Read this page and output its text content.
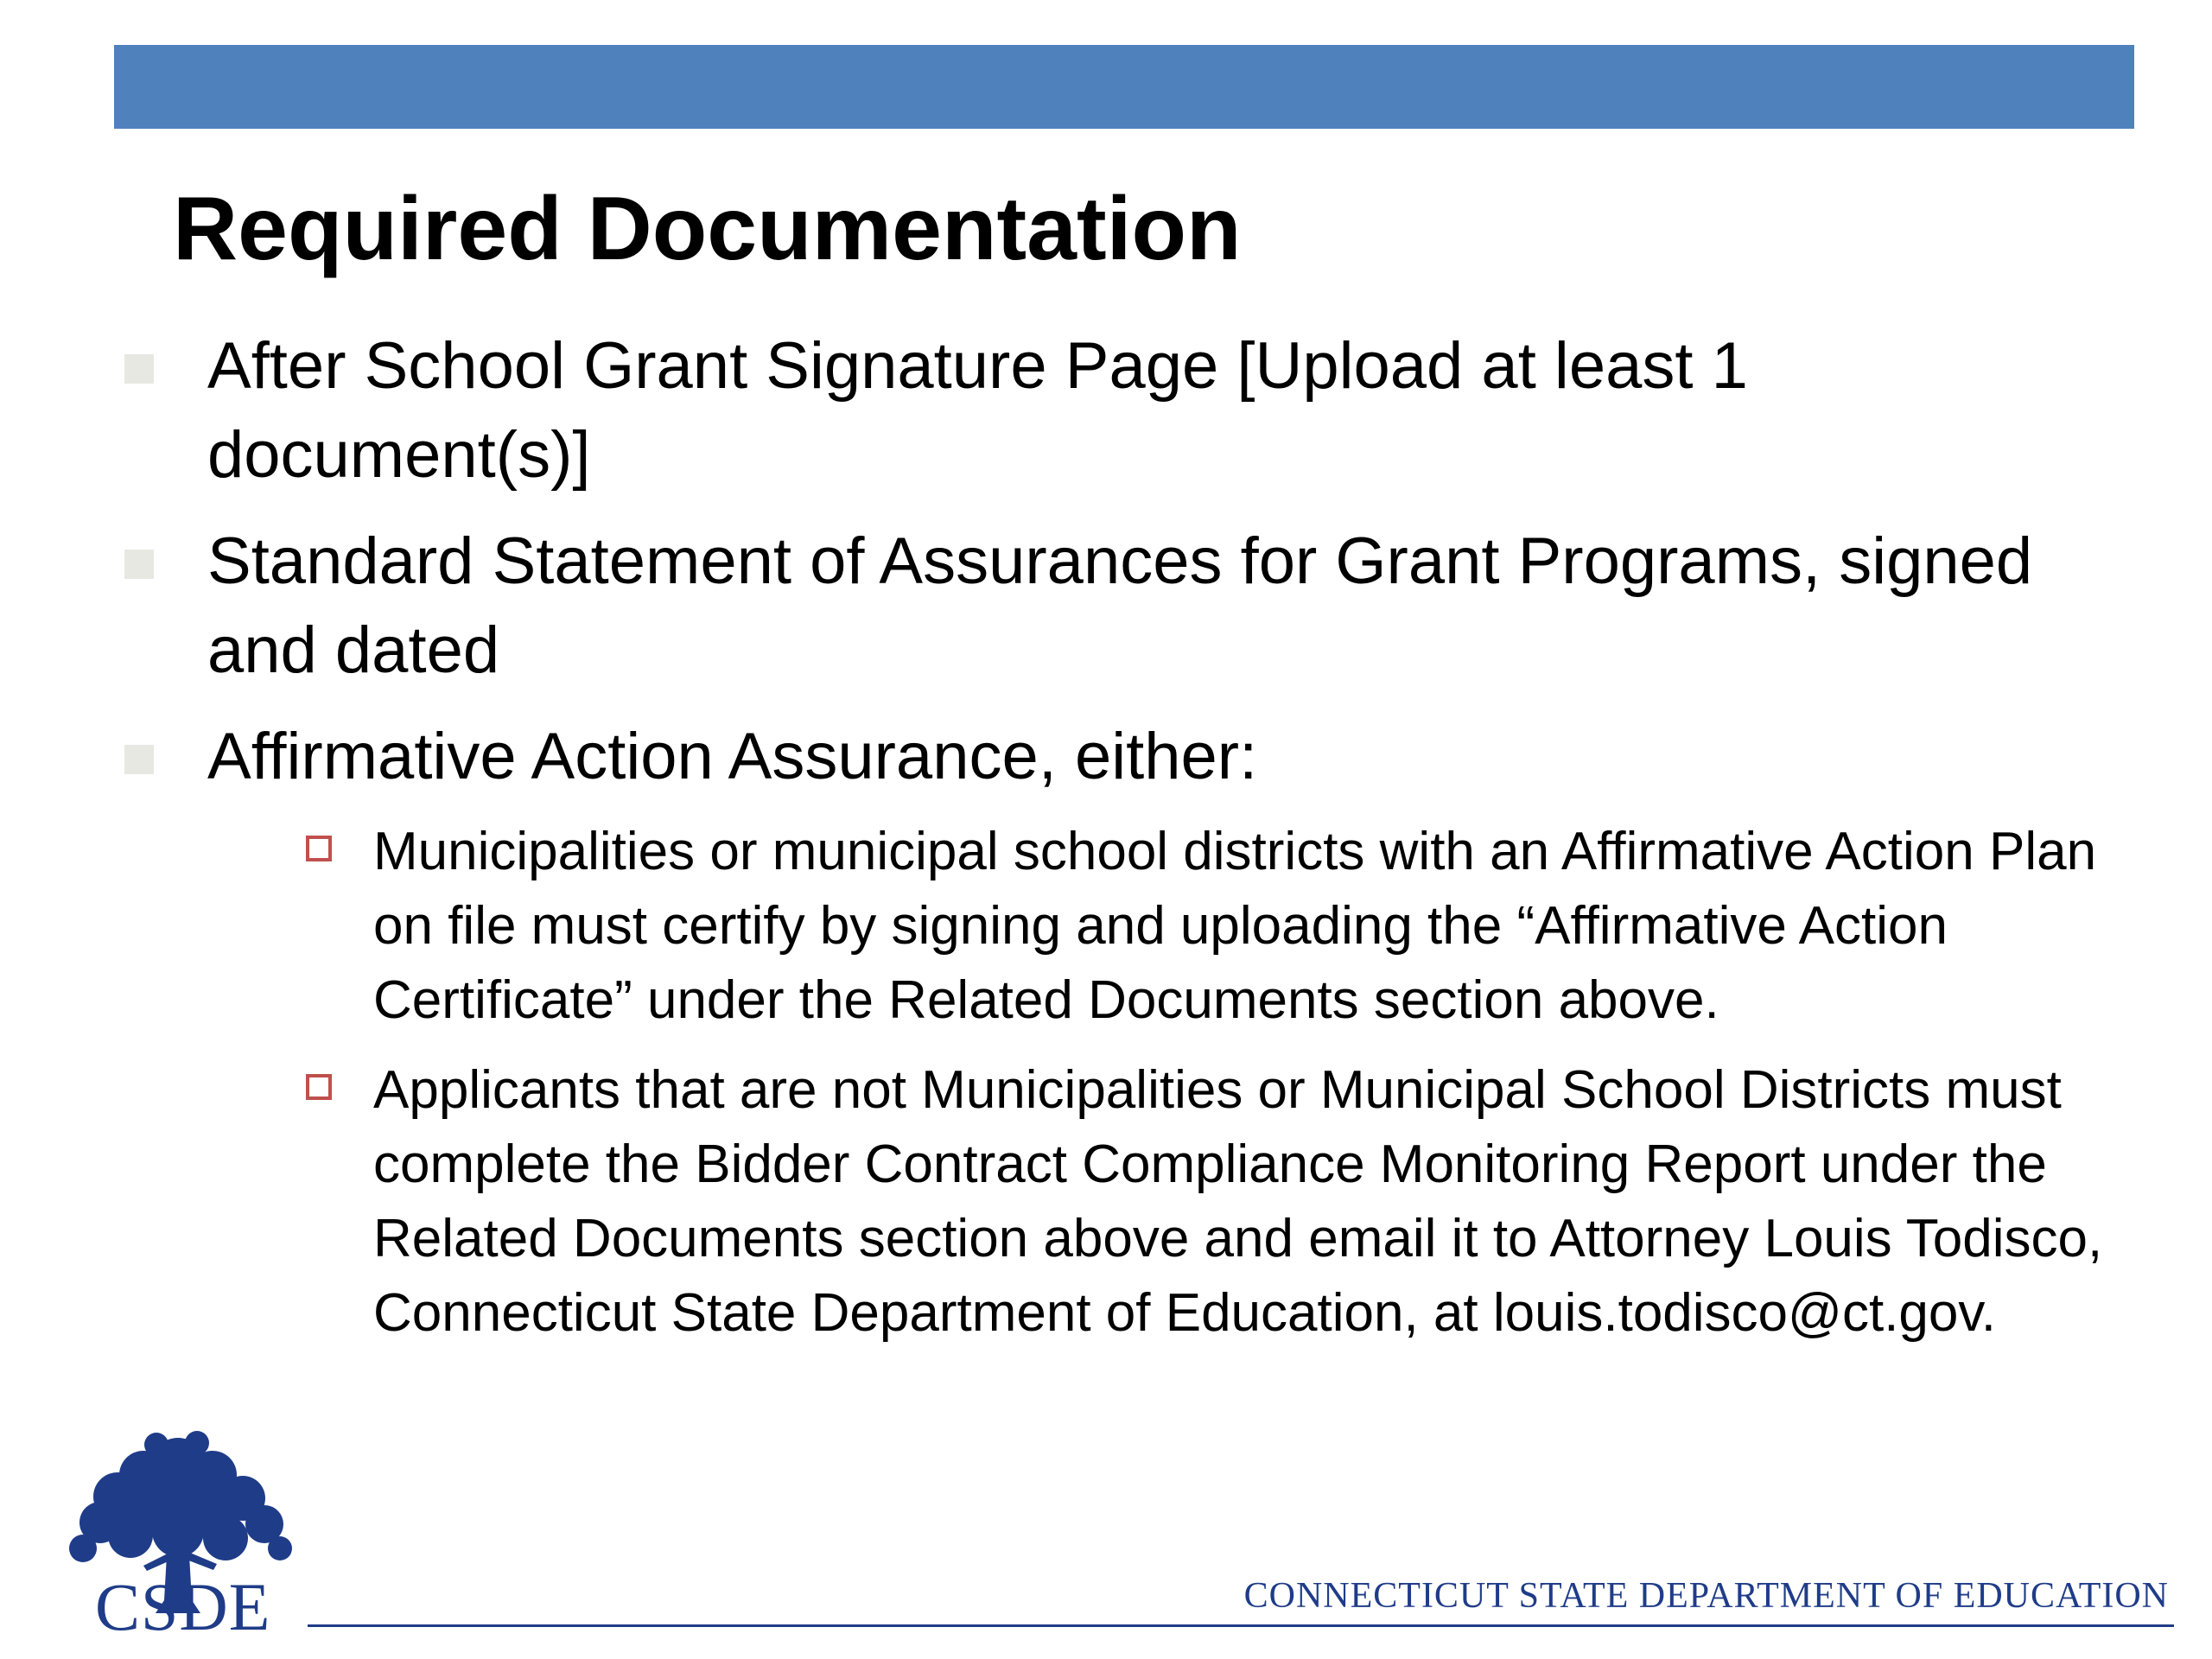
Required Documentation
After School Grant Signature Page [Upload at least 1 document(s)]
Standard Statement of Assurances for Grant Programs, signed and dated
Affirmative Action Assurance, either:
Municipalities or municipal school districts with an Affirmative Action Plan on file must certify by signing and uploading the “Affirmative Action Certificate” under the Related Documents section above.
Applicants that are not Municipalities or Municipal School Districts must complete the Bidder Contract Compliance Monitoring Report under the Related Documents section above and email it to Attorney Louis Todisco, Connecticut State Department of Education, at louis.todisco@ct.gov.
CSDE	CONNECTICUT STATE DEPARTMENT OF EDUCATION
